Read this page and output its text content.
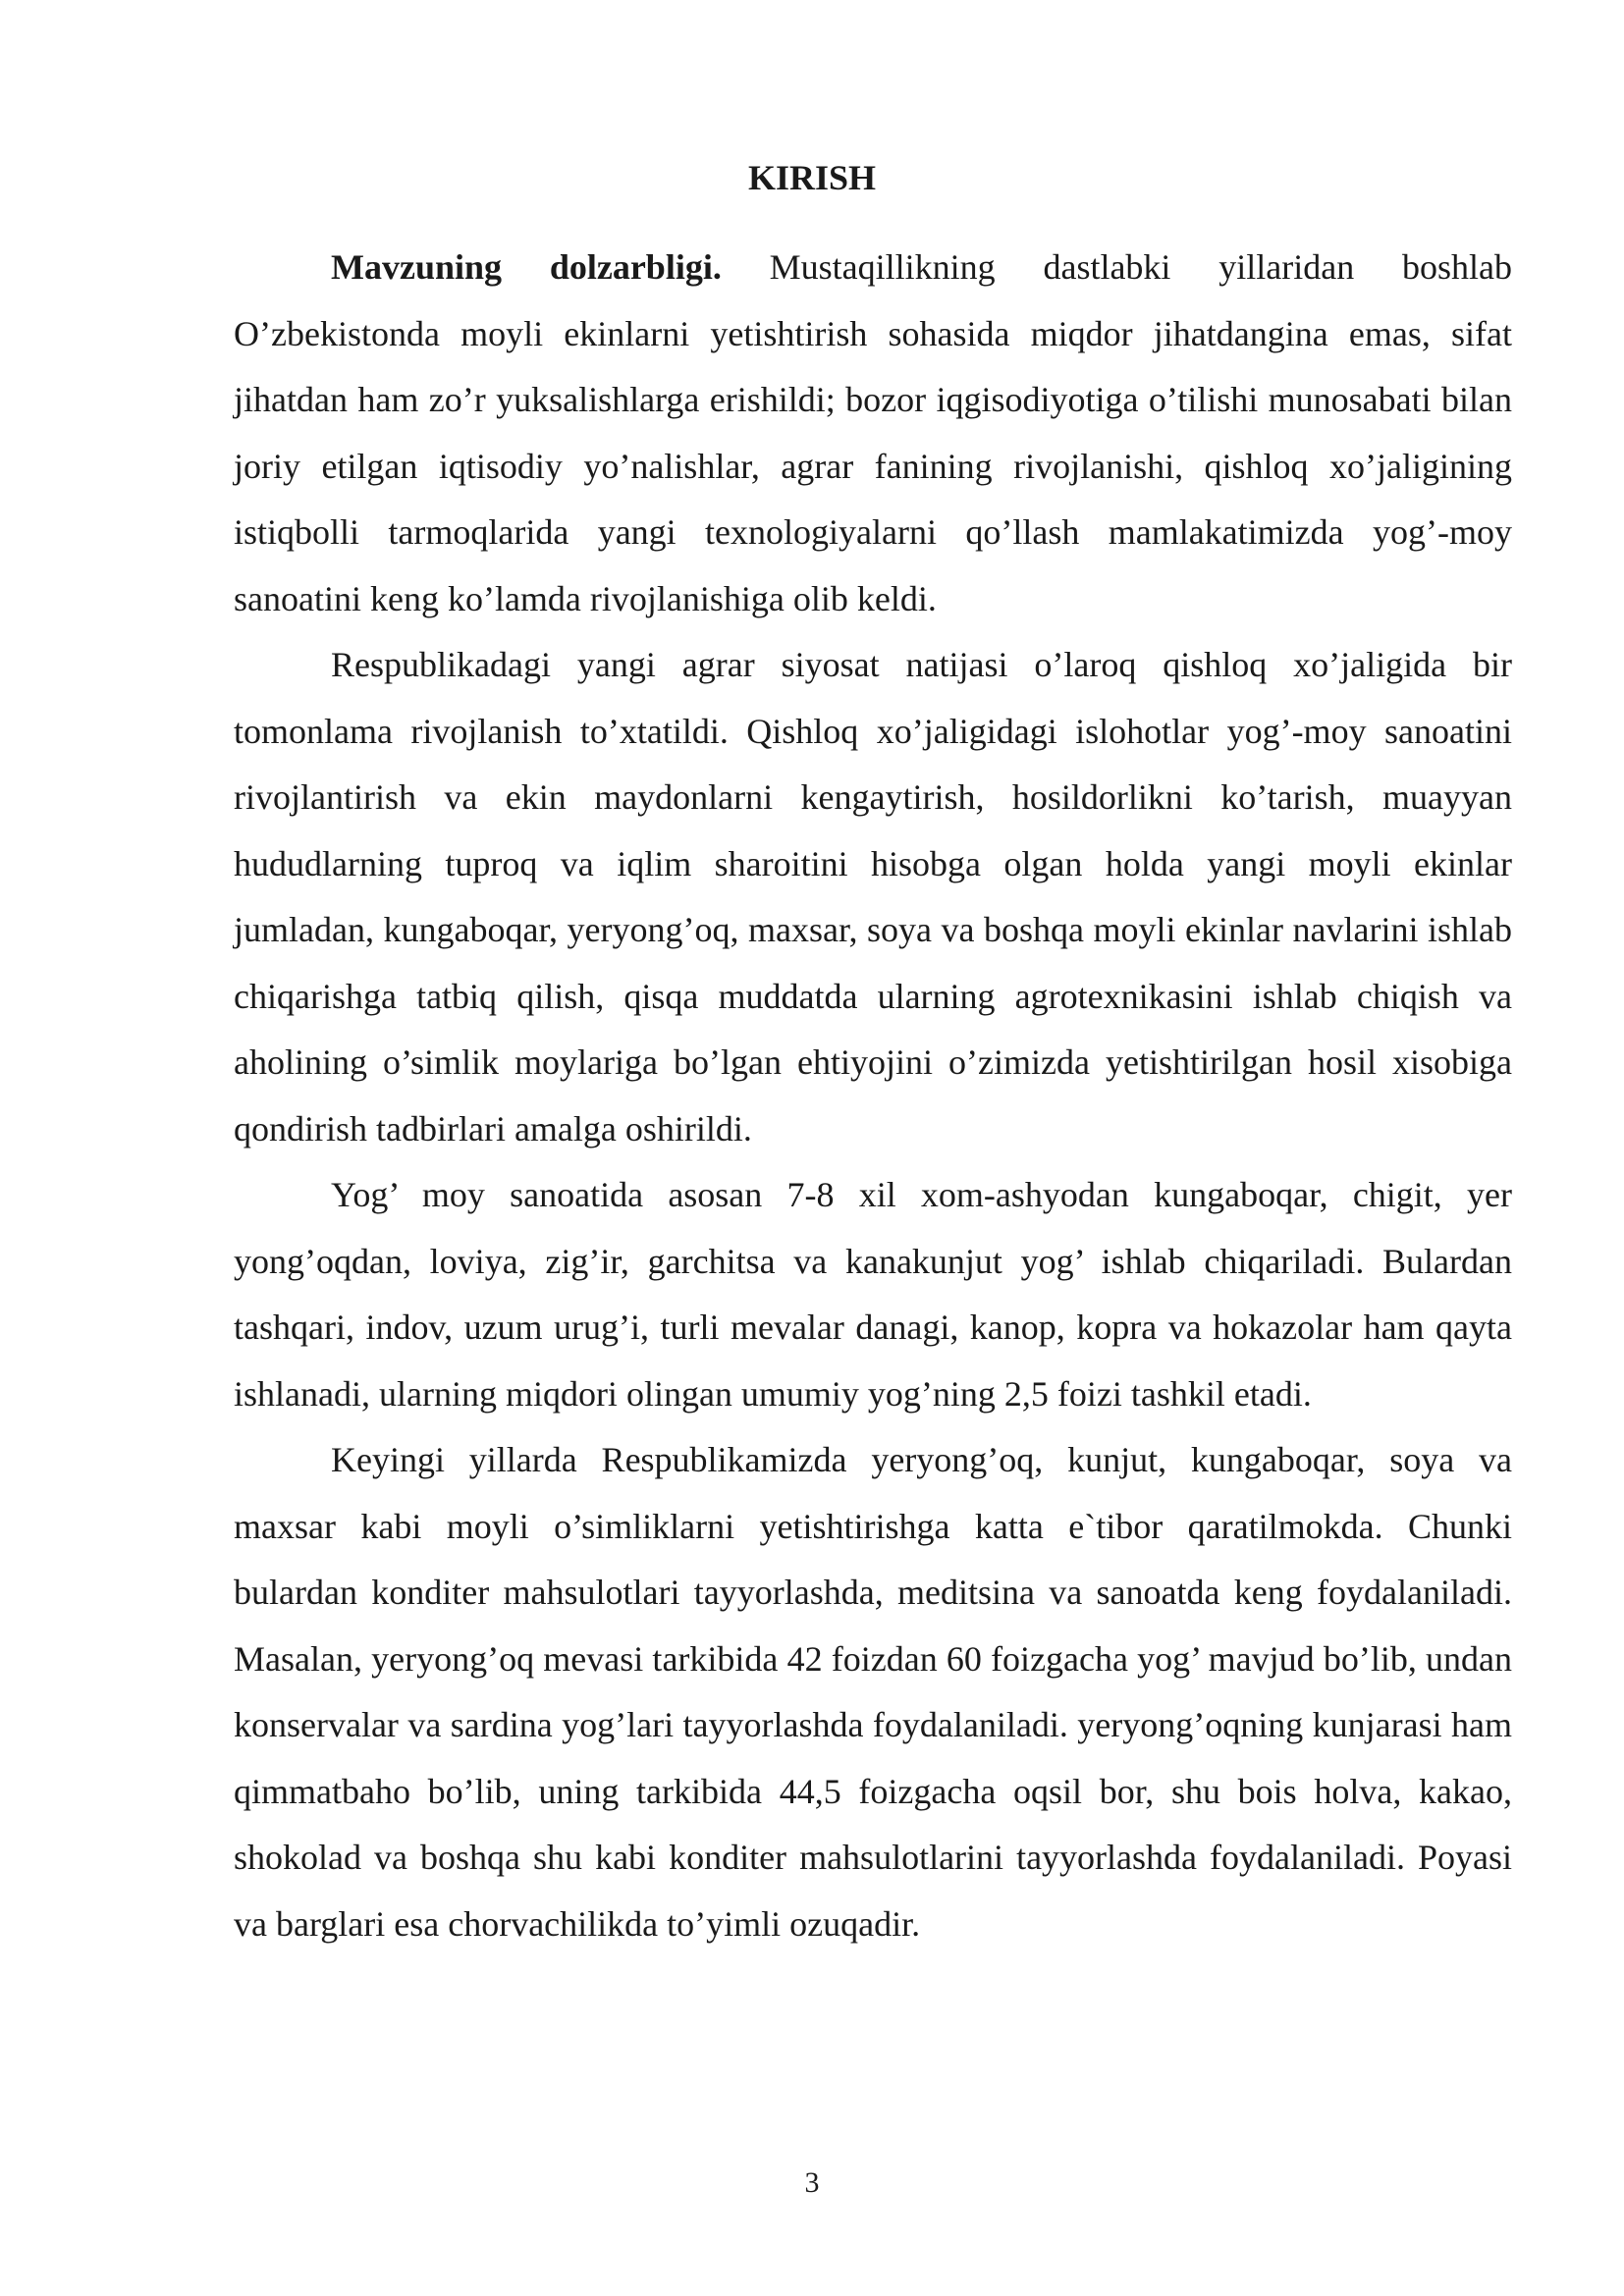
KIRISH

Mavzuning dolzarbligi. Mustaqillikning dastlabki yillaridan boshlab O’zbekistonda moyli ekinlarni yetishtirish sohasida miqdor jihatdangina emas, sifat jihatdan ham zo’r yuksalishlarga erishildi; bozor iqgisodiyotiga o’tilishi munosabati bilan joriy etilgan iqtisodiy yo’nalishlar, agrar fanining rivojlanishi, qishloq xo’jaligining istiqbolli tarmoqlarida yangi texnologiyalarni qo’llash mamlakatimizda yog’-moy sanoatini keng ko’lamda rivojlanishiga olib keldi.

Respublikadagi yangi agrar siyosat natijasi o’laroq qishloq xo’jaligida bir tomonlama rivojlanish to’xtatildi. Qishloq xo’jaligidagi islohotlar yog’-moy sanoatini rivojlantirish va ekin maydonlarni kengaytirish, hosildorlikni ko’tarish, muayyan hududlarning tuproq va iqlim sharoitini hisobga olgan holda yangi moyli ekinlar jumladan, kungaboqar, yeryong’oq, maxsar, soya va boshqa moyli ekinlar navlarini ishlab chiqarishga tatbiq qilish, qisqa muddatda ularning agrotexnikasini ishlab chiqish va aholining o’simlik moylariga bo’lgan ehtiyojini o’zimizda yetishtirilgan hosil xisobiga qondirish tadbirlari amalga oshirildi.

Yog’ moy sanoatida asosan 7-8 xil xom-ashyodan kungaboqar, chigit, yer yong’oqdan, loviya, zig’ir, garchitsa va kanakunjut yog’ ishlab chiqariladi. Bulardan tashqari, indov, uzum urug’i, turli mevalar danagi, kanop, kopra va hokazolar ham qayta ishlanadi, ularning miqdori olingan umumiy yog’ning 2,5 foizi tashkil etadi.

Keyingi yillarda Respublikamizda yeryong’oq, kunjut, kungaboqar, soya va maxsar kabi moyli o’simliklarni yetishtirishga katta e`tibor qaratilmokda. Chunki bulardan konditer mahsulotlari tayyorlashda, meditsina va sanoatda keng foydalaniladi. Masalan, yeryong’oq mevasi tarkibida 42 foizdan 60 foizgacha yog’ mavjud bo’lib, undan konservalar va sardina yog’lari tayyorlashda foydalaniladi. yeryong’oqning kunjarasi ham qimmatbaho bo’lib, uning tarkibida 44,5 foizgacha oqsil bor, shu bois holva, kakao, shokolad va boshqa shu kabi konditer mahsulotlarini tayyorlashda foydalaniladi. Poyasi va barglari esa chorvachilikda to’yimli ozuqadir.

3
